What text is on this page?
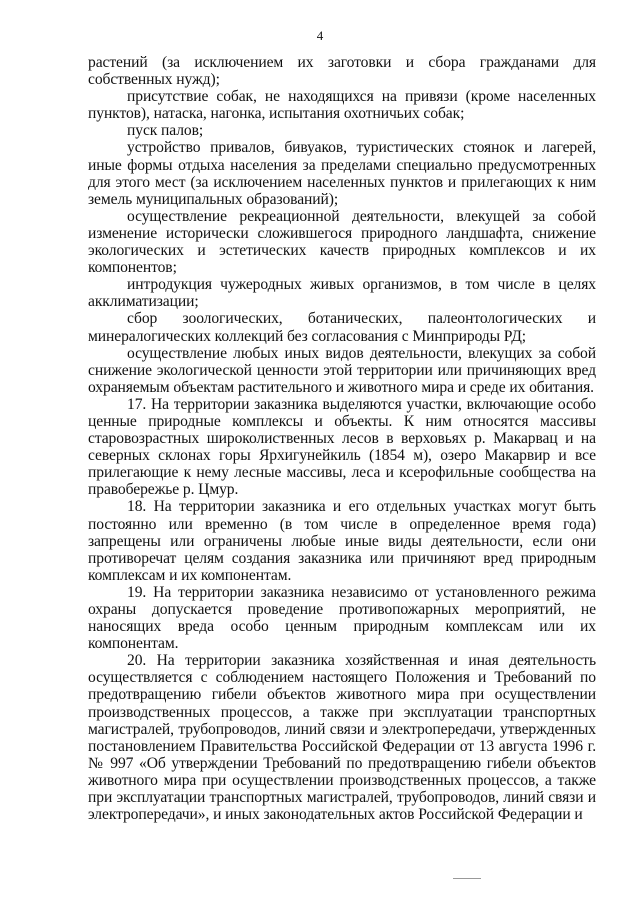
4

растений (за исключением их заготовки и сбора гражданами для собственных нужд);

присутствие собак, не находящихся на привязи (кроме населенных пунктов), натаска, нагонка, испытания охотничьих собак;

пуск палов;

устройство привалов, бивуаков, туристических стоянок и лагерей, иные формы отдыха населения за пределами специально предусмотренных для этого мест (за исключением населенных пунктов и прилегающих к ним земель муниципальных образований);

осуществление рекреационной деятельности, влекущей за собой изменение исторически сложившегося природного ландшафта, снижение экологических и эстетических качеств природных комплексов и их компонентов;

интродукция чужеродных живых организмов, в том числе в целях акклиматизации;

сбор зоологических, ботанических, палеонтологических и минералогических коллекций без согласования с Минприроды РД;

осуществление любых иных видов деятельности, влекущих за собой снижение экологической ценности этой территории или причиняющих вред охраняемым объектам растительного и животного мира и среде их обитания.

17. На территории заказника выделяются участки, включающие особо ценные природные комплексы и объекты. К ним относятся массивы старовозрастных широколиственных лесов в верховьях р. Макарвац и на северных склонах горы Ярхигунейкиль (1854 м), озеро Макарвир и все прилегающие к нему лесные массивы, леса и ксерофильные сообщества на правобережье р. Цмур.

18. На территории заказника и его отдельных участках могут быть постоянно или временно (в том числе в определенное время года) запрещены или ограничены любые иные виды деятельности, если они противоречат целям создания заказника или причиняют вред природным комплексам и их компонентам.

19. На территории заказника независимо от установленного режима охраны допускается проведение противопожарных мероприятий, не наносящих вреда особо ценным природным комплексам или их компонентам.

20. На территории заказника хозяйственная и иная деятельность осуществляется с соблюдением настоящего Положения и Требований по предотвращению гибели объектов животного мира при осуществлении производственных процессов, а также при эксплуатации транспортных магистралей, трубопроводов, линий связи и электропередачи, утвержденных постановлением Правительства Российской Федерации от 13 августа 1996 г. № 997 «Об утверждении Требований по предотвращению гибели объектов животного мира при осуществлении производственных процессов, а также при эксплуатации транспортных магистралей, трубопроводов, линий связи и электропередачи», и иных законодательных актов Российской Федерации и
